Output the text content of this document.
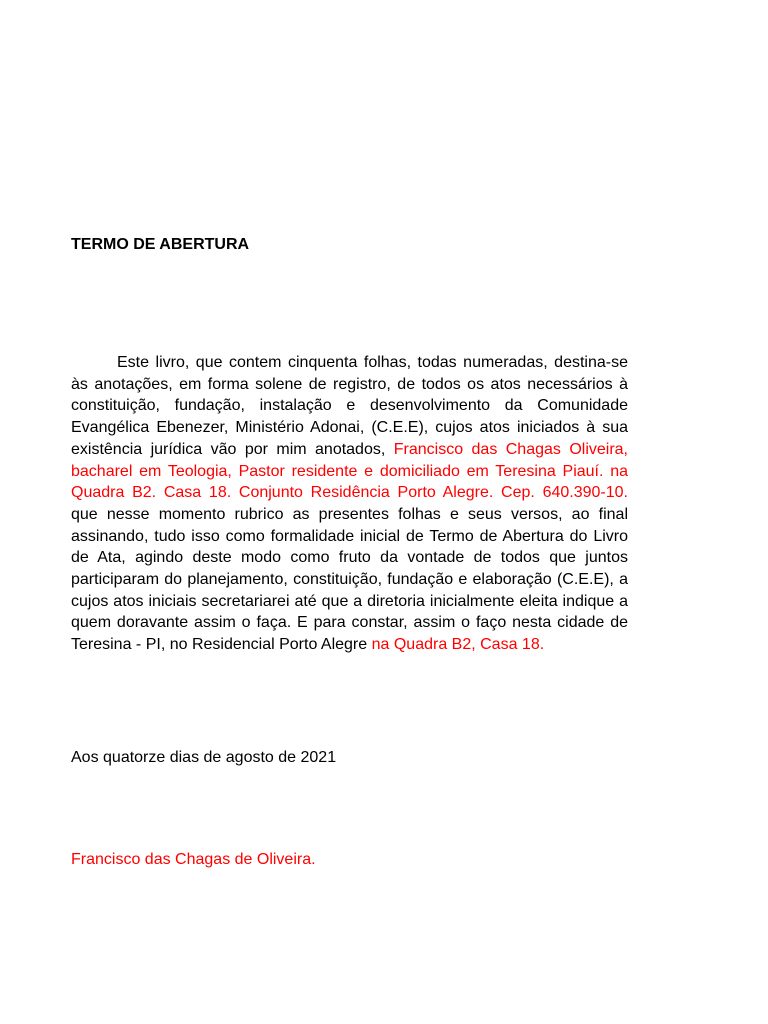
TERMO DE ABERTURA

Este livro, que contem cinquenta folhas, todas numeradas, destina-se às anotações, em forma solene de registro, de todos os atos necessários à constituição, fundação, instalação e desenvolvimento da Comunidade Evangélica Ebenezer, Ministério Adonai, (C.E.E), cujos atos iniciados à sua existência jurídica vão por mim anotados, Francisco das Chagas Oliveira, bacharel em Teologia, Pastor residente e domiciliado em Teresina Piauí. na Quadra B2. Casa 18. Conjunto Residência Porto Alegre. Cep. 640.390-10. que nesse momento rubrico as presentes folhas e seus versos, ao final assinando, tudo isso como formalidade inicial de Termo de Abertura do Livro de Ata, agindo deste modo como fruto da vontade de todos que juntos participaram do planejamento, constituição, fundação e elaboração (C.E.E), a cujos atos iniciais secretariarei até que a diretoria inicialmente eleita indique a quem doravante assim o faça. E para constar, assim o faço nesta cidade de Teresina - PI, no Residencial Porto Alegre na Quadra B2, Casa 18.

Aos quatorze dias de agosto de 2021

Francisco das Chagas de Oliveira.
